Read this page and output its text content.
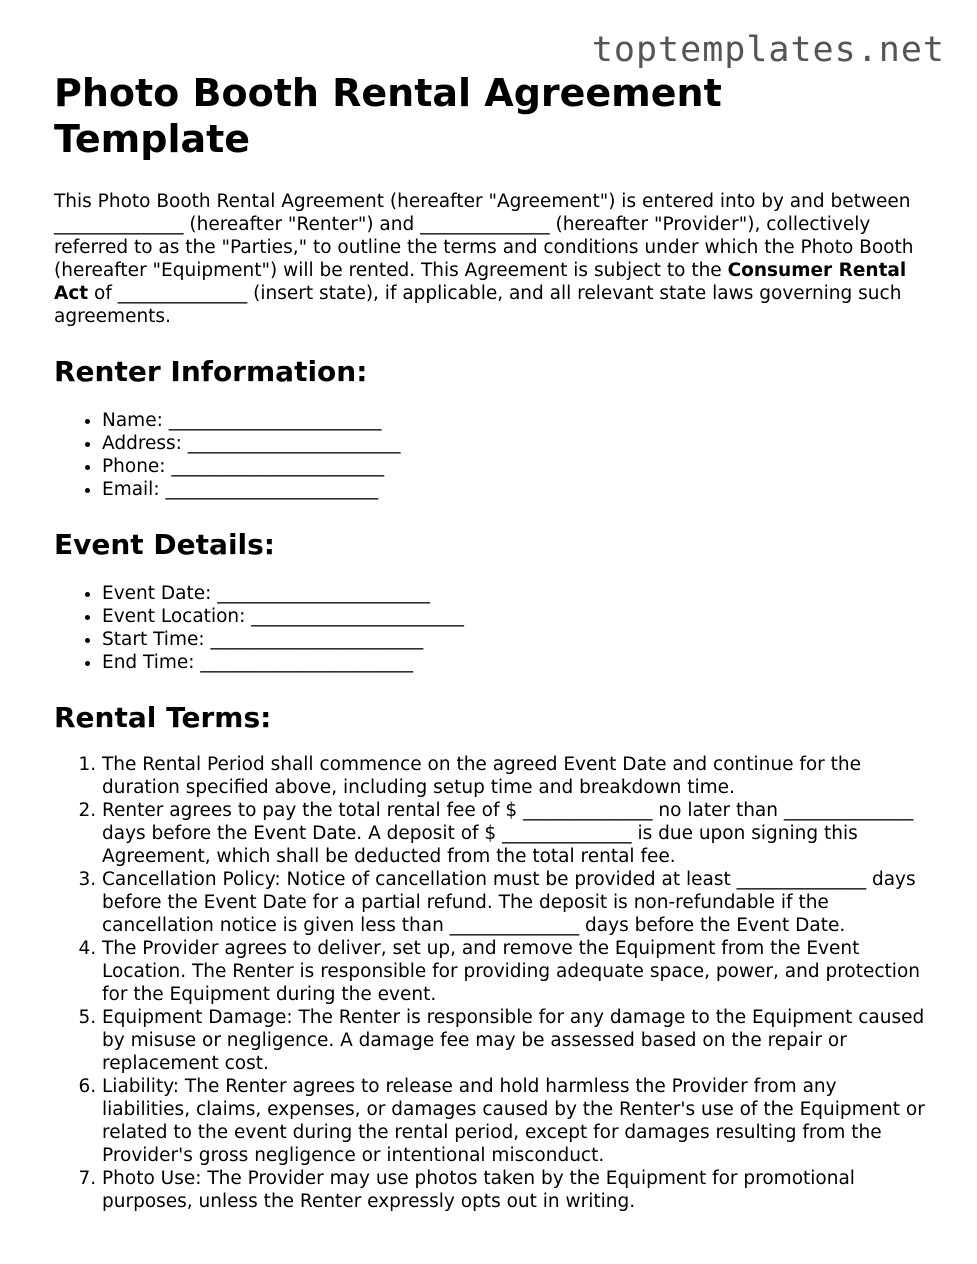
toptemplates.net
Photo Booth Rental Agreement Template

This Photo Booth Rental Agreement (hereafter "Agreement") is entered into by and between ______________ (hereafter "Renter") and ______________ (hereafter "Provider"), collectively referred to as the "Parties," to outline the terms and conditions under which the Photo Booth (hereafter "Equipment") will be rented. This Agreement is subject to the Consumer Rental Act of ______________ (insert state), if applicable, and all relevant state laws governing such agreements.

Renter Information:
• Name: _______________________
• Address: _______________________
• Phone: _______________________
• Email: _______________________
Event Details:
• Event Date: _______________________
• Event Location: _______________________
• Start Time: _______________________
• End Time: _______________________
Rental Terms:
1. The Rental Period shall commence on the agreed Event Date and continue for the duration specified above, including setup time and breakdown time.
2. Renter agrees to pay the total rental fee of $ ______________ no later than ______________ days before the Event Date. A deposit of $ ______________ is due upon signing this Agreement, which shall be deducted from the total rental fee.
3. Cancellation Policy: Notice of cancellation must be provided at least ______________ days before the Event Date for a partial refund. The deposit is non-refundable if the cancellation notice is given less than ______________ days before the Event Date.
4. The Provider agrees to deliver, set up, and remove the Equipment from the Event Location. The Renter is responsible for providing adequate space, power, and protection for the Equipment during the event.
5. Equipment Damage: The Renter is responsible for any damage to the Equipment caused by misuse or negligence. A damage fee may be assessed based on the repair or replacement cost.
6. Liability: The Renter agrees to release and hold harmless the Provider from any liabilities, claims, expenses, or damages caused by the Renter's use of the Equipment or related to the event during the rental period, except for damages resulting from the Provider's gross negligence or intentional misconduct.
7. Photo Use: The Provider may use photos taken by the Equipment for promotional purposes, unless the Renter expressly opts out in writing.
